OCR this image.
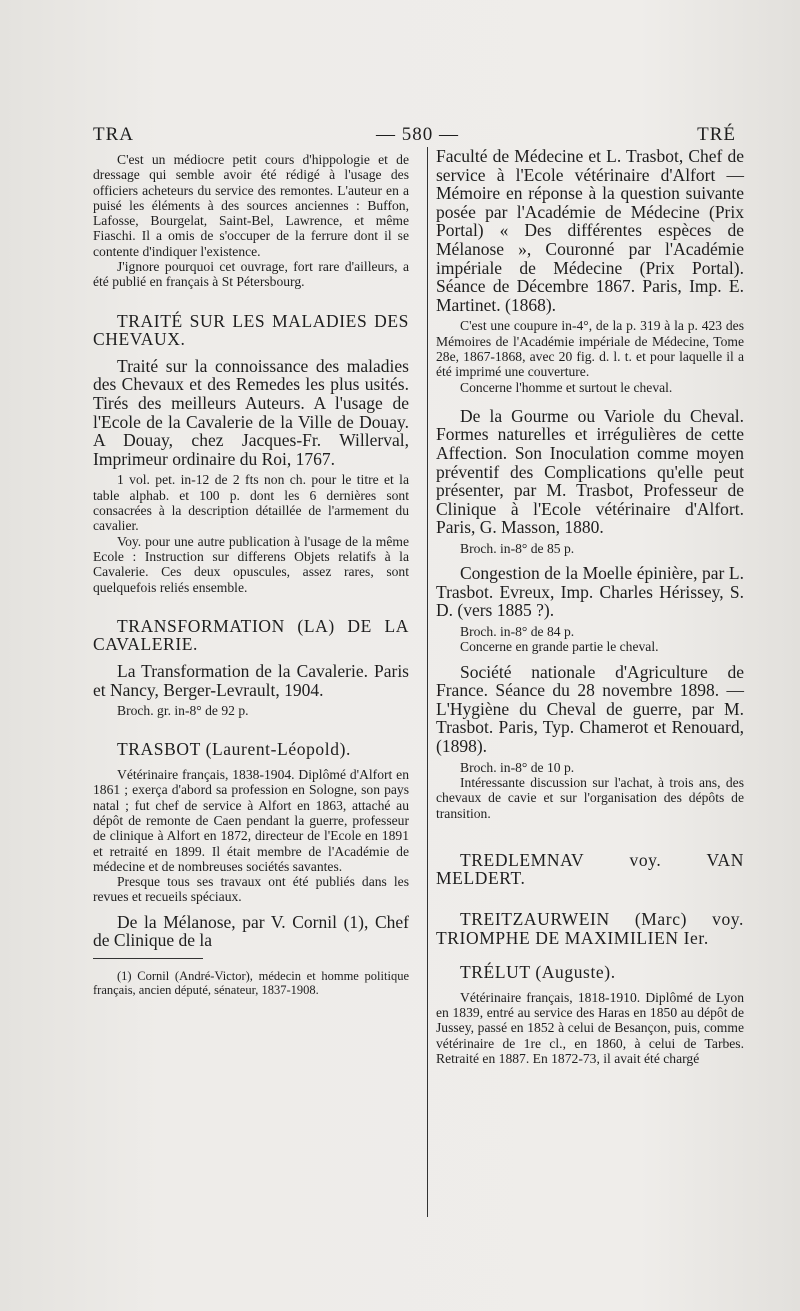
TRA	— 580 —	TRÉ

C'est un médiocre petit cours d'hippologie et de dressage qui semble avoir été rédigé à l'usage des officiers acheteurs du service des remontes. L'auteur en a puisé les éléments à des sources anciennes : Buffon, Lafosse, Bourgelat, Saint-Bel, Lawrence, et même Fiaschi. Il a omis de s'occuper de la ferrure dont il se contente d'indiquer l'existence.

J'ignore pourquoi cet ouvrage, fort rare d'ailleurs, a été publié en français à St Pétersbourg.

TRAITÉ SUR LES MALADIES DES CHEVAUX.

Traité sur la connoissance des maladies des Chevaux et des Remedes les plus usités. Tirés des meilleurs Auteurs. A l'usage de l'Ecole de la Cavalerie de la Ville de Douay. A Douay, chez Jacques-Fr. Willerval, Imprimeur ordinaire du Roi, 1767.

1 vol. pet. in-12 de 2 fts non ch. pour le titre et la table alphab. et 100 p. dont les 6 dernières sont consacrées à la description détaillée de l'armement du cavalier.

Voy. pour une autre publication à l'usage de la même Ecole : Instruction sur differens Objets relatifs à la Cavalerie. Ces deux opuscules, assez rares, sont quelquefois reliés ensemble.

TRANSFORMATION (LA) DE LA CAVALERIE.

La Transformation de la Cavalerie. Paris et Nancy, Berger-Levrault, 1904.

Broch. gr. in-8° de 92 p.

TRASBOT (Laurent-Léopold).

Vétérinaire français, 1838-1904. Diplômé d'Alfort en 1861 ; exerça d'abord sa profession en Sologne, son pays natal ; fut chef de service à Alfort en 1863, attaché au dépôt de remonte de Caen pendant la guerre, professeur de clinique à Alfort en 1872, directeur de l'Ecole en 1891 et retraité en 1899. Il était membre de l'Académie de médecine et de nombreuses sociétés savantes.

Presque tous ses travaux ont été publiés dans les revues et recueils spéciaux.

De la Mélanose, par V. Cornil (1), Chef de Clinique de la

(1) Cornil (André-Victor), médecin et homme politique français, ancien député, sénateur, 1837-1908.

Faculté de Médecine et L. Trasbot, Chef de service à l'Ecole vétérinaire d'Alfort — Mémoire en réponse à la question suivante posée par l'Académie de Médecine (Prix Portal) « Des différentes espèces de Mélanose », Couronné par l'Académie impériale de Médecine (Prix Portal). Séance de Décembre 1867. Paris, Imp. E. Martinet. (1868).

C'est une coupure in-4°, de la p. 319 à la p. 423 des Mémoires de l'Académie impériale de Médecine, Tome 28e, 1867-1868, avec 20 fig. d. l. t. et pour laquelle il a été imprimé une couverture.

Concerne l'homme et surtout le cheval.

De la Gourme ou Variole du Cheval. Formes naturelles et irrégulières de cette Affection. Son Inoculation comme moyen préventif des Complications qu'elle peut présenter, par M. Trasbot, Professeur de Clinique à l'Ecole vétérinaire d'Alfort. Paris, G. Masson, 1880.

Broch. in-8° de 85 p.

Congestion de la Moelle épinière, par L. Trasbot. Evreux, Imp. Charles Hérissey, S. D. (vers 1885 ?).

Broch. in-8° de 84 p.

Concerne en grande partie le cheval.

Société nationale d'Agriculture de France. Séance du 28 novembre 1898. — L'Hygiène du Cheval de guerre, par M. Trasbot. Paris, Typ. Chamerot et Renouard, (1898).

Broch. in-8° de 10 p.

Intéressante discussion sur l'achat, à trois ans, des chevaux de cavie et sur l'organisation des dépôts de transition.

TREDLEMNAV voy. VAN MELDERT.

TREITZAURWEIN (Marc) voy. TRIOMPHE DE MAXIMILIEN Ier.

TRÉLUT (Auguste).

Vétérinaire français, 1818-1910. Diplômé de Lyon en 1839, entré au service des Haras en 1850 au dépôt de Jussey, passé en 1852 à celui de Besançon, puis, comme vétérinaire de 1re cl., en 1860, à celui de Tarbes. Retraité en 1887. En 1872-73, il avait été chargé
